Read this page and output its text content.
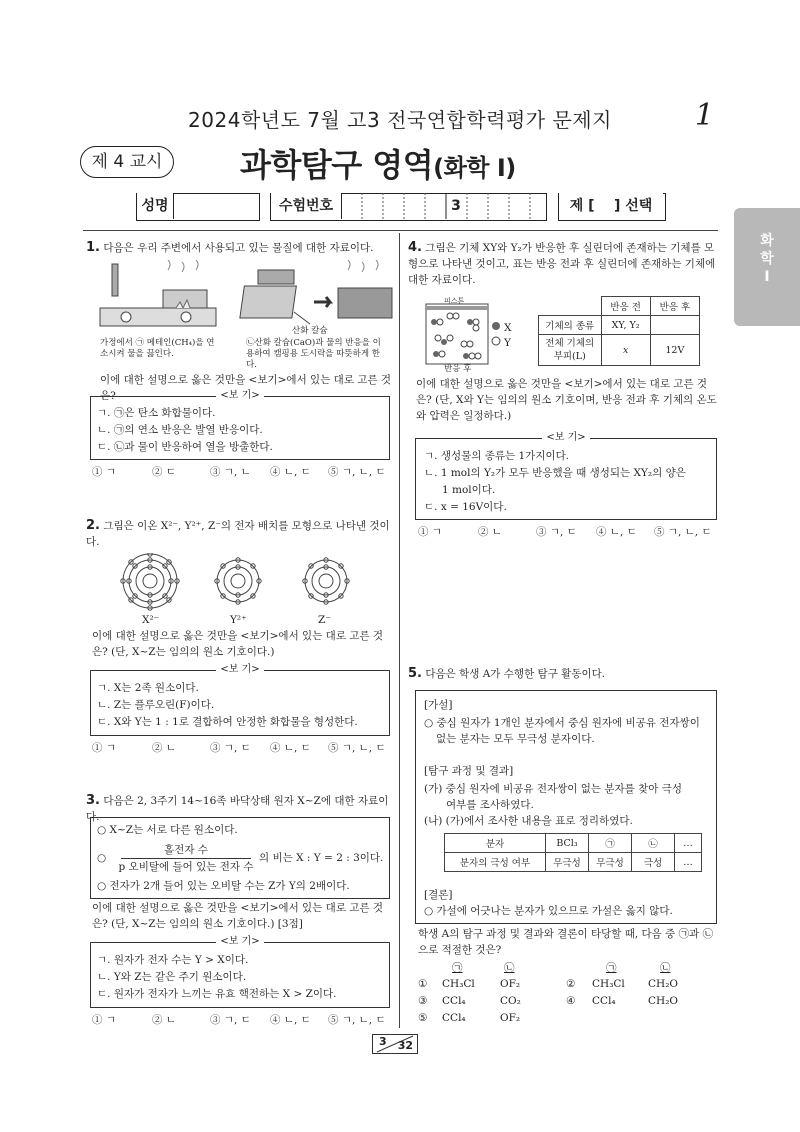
2024학년도 7월 고3 전국연합학력평가 문제지	1
제 4 교시	과학탐구 영역(화학 Ⅰ)
성명	수험번호	3	제 [    ] 선택
화
학
Ⅰ
1. 다음은 우리 주변에서 사용되고 있는 물질에 대한 자료이다.
산화 칼슘
가정에서 ㉠ 메테인(CH₄)을 연소시켜 물을 끓인다.
㉡산화 칼슘(CaO)과 물의 반응을 이용하여 캠핑용 도시락을 따뜻하게 한다.
이에 대한 설명으로 옳은 것만을 <보기>에서 있는 대로 고른 것은?	<보 기>

ㄱ. ㉠은 탄소 화합물이다.

ㄴ. ㉠의 연소 반응은 발열 반응이다.

ㄷ. ㉡과 물이 반응하여 열을 방출한다.

① ㄱ	② ㄷ	③ ㄱ, ㄴ ④ ㄴ, ㄷ ⑤ ㄱ, ㄴ, ㄷ
2. 그림은 이온 X²⁻, Y²⁺, Z⁻의 전자 배치를 모형으로 나타낸 것이다.
X²⁻	Y²⁺	Z⁻
이에 대한 설명으로 옳은 것만을 <보기>에서 있는 대로 고른 것은? (단, X~Z는 임의의 원소 기호이다.)
<보 기>

ㄱ. X는 2족 원소이다.

ㄴ. Z는 플루오린(F)이다.

ㄷ. X와 Y는 1 : 1로 결합하여 안정한 화합물을 형성한다.

① ㄱ	② ㄴ	③ ㄱ, ㄷ ④ ㄴ, ㄷ ⑤ ㄱ, ㄴ, ㄷ
3. 다음은 2, 3주기 14~16족 바닥상태 원자 X~Z에 대한 자료이다.
○ X~Z는 서로 다른 원소이다.
○
홀전자 수
p 오비탈에 들어 있는 전자 수
의 비는 X : Y = 2 : 3이다.
○ 전자가 2개 들어 있는 오비탈 수는 Z가 Y의 2배이다.
이에 대한 설명으로 옳은 것만을 <보기>에서 있는 대로 고른 것은? (단, X~Z는 임의의 원소 기호이다.) [3점]
<보 기>

ㄱ. 원자가 전자 수는 Y > X이다.

ㄴ. Y와 Z는 같은 주기 원소이다.

ㄷ. 원자가 전자가 느끼는 유효 핵전하는 X > Z이다.

① ㄱ	② ㄴ	③ ㄱ, ㄷ ④ ㄴ, ㄷ ⑤ ㄱ, ㄴ, ㄷ
4. 그림은 기체 XY와 Y₂가 반응한 후 실린더에 존재하는 기체를 모형으로 나타낸 것이고, 표는 반응 전과 후 실린더에 존재하는 기체에 대한 자료이다.
피스톤
반응 후
X
Y
	반응 전	반응 후
기체의 종류	XY, Y₂	
전체 기체의 부피(L)	x	12V
이에 대한 설명으로 옳은 것만을 <보기>에서 있는 대로 고른 것은? (단, X와 Y는 임의의 원소 기호이며, 반응 전과 후 기체의 온도와 압력은 일정하다.)
<보 기>

ㄱ. 생성물의 종류는 1가지이다.

ㄴ. 1 mol의 Y₂가 모두 반응했을 때 생성되는 XY₂의 양은

1 mol이다.

ㄷ. x = 16V이다.

① ㄱ	② ㄴ	③ ㄱ, ㄷ ④ ㄴ, ㄷ ⑤ ㄱ, ㄴ, ㄷ
5. 다음은 학생 A가 수행한 탐구 활동이다.
[가설]
○ 중심 원자가 1개인 분자에서 중심 원자에 비공유 전자쌍이
없는 분자는 모두 무극성 분자이다.
[탐구 과정 및 결과]
(가) 중심 원자에 비공유 전자쌍이 없는 분자를 찾아 극성
여부를 조사하였다.
(나) (가)에서 조사한 내용을 표로 정리하였다.
분자	BCl₃	㉠	㉡	…
분자의 극성 여부	무극성	무극성	극성	…
[결론]
○ 가설에 어긋나는 분자가 있으므로 가설은 옳지 않다.
학생 A의 탐구 과정 및 결과와 결론이 타당할 때, 다음 중 ㉠과 ㉡으로 적절한 것은?
㉠	㉡	㉠	㉡
① CH₃Cl OF₂	② CH₃Cl CH₂O
③ CCl₄	CO₂	④ CCl₄	CH₂O
⑤ CCl₄	OF₂
3 32
